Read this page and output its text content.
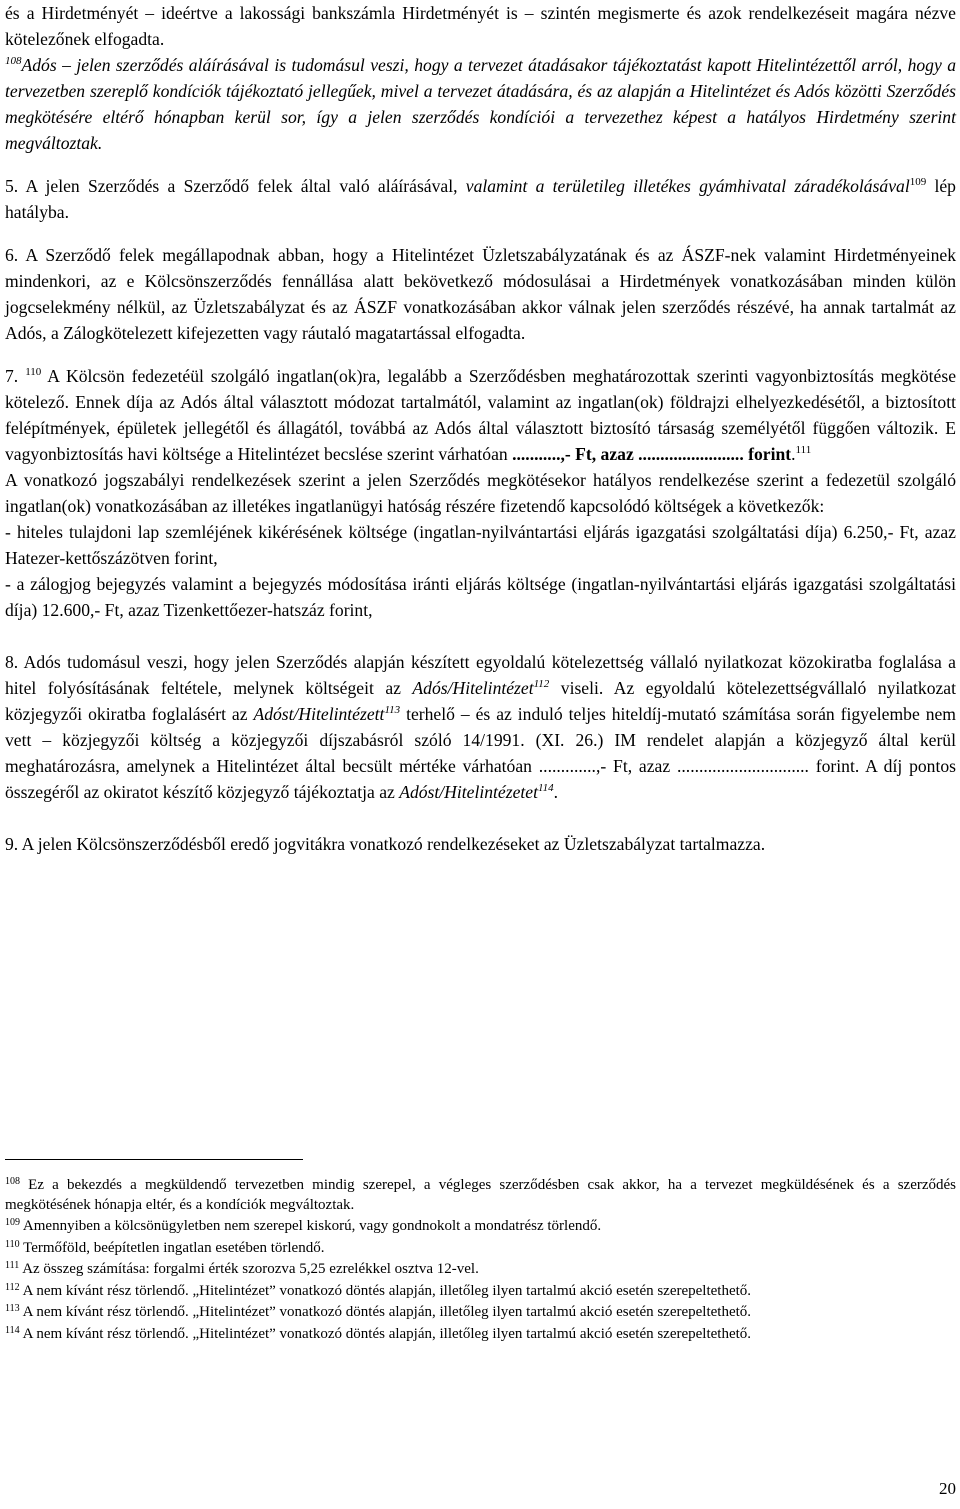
és a Hirdetményét – ideértve a lakossági bankszámla Hirdetményét is – szintén megismerte és azok rendelkezéseit magára nézve kötelezőnek elfogadta.

$^{108}$Adós – jelen szerződés aláírásával is tudomásul veszi, hogy a tervezet átadásakor tájékoztatást kapott Hitelintézettől arról, hogy a tervezetben szereplő kondíciók tájékoztató jellegűek, mivel a tervezet átadására, és az alapján a Hitelintézet és Adós közötti Szerződés megkötésére eltérő hónapban kerül sor, így a jelen szerződés kondíciói a tervezethez képest a hatályos Hirdetmény szerint megváltoztak.

5. A jelen Szerződés a Szerződő felek által való aláírásával, valamint a területileg illetékes gyámhivatal záradékolásával$^{109}$ lép hatályba.

6. A Szerződő felek megállapodnak abban, hogy a Hitelintézet Üzletszabályzatának és az ÁSZF-nek valamint Hirdetményeinek mindenkori, az e Kölcsönszerződés fennállása alatt bekövetkező módosulásai a Hirdetmények vonatkozásában minden külön jogcselekmény nélkül, az Üzletszabályzat és az ÁSZF vonatkozásában akkor válnak jelen szerződés részévé, ha annak tartalmát az Adós, a Zálogkötelezett kifejezetten vagy ráutaló magatartással elfogadta.

7. $^{110}$ A Kölcsön fedezetéül szolgáló ingatlan(ok)ra, legalább a Szerződésben meghatározottak szerinti vagyonbiztosítás megkötése kötelező. Ennek díja az Adós által választott módozat tartalmától, valamint az ingatlan(ok) földrajzi elhelyezkedésétől, a biztosított felépítmények, épületek jellegétől és állagától, továbbá az Adós által választott biztosító társaság személyétől függően változik. E vagyonbiztosítás havi költsége a Hitelintézet becslése szerint várhatóan ...........,- Ft, azaz ........................ forint.$^{111}$

A vonatkozó jogszabályi rendelkezések szerint a jelen Szerződés megkötésekor hatályos rendelkezése szerint a fedezetül szolgáló ingatlan(ok) vonatkozásában az illetékes ingatlanügyi hatóság részére fizetendő kapcsolódó költségek a következők:

- hiteles tulajdoni lap szemléjének kikérésének költsége (ingatlan-nyilvántartási eljárás igazgatási szolgáltatási díja) 6.250,- Ft, azaz Hatezer-kettőszázötven forint,

- a zálogjog bejegyzés valamint a bejegyzés módosítása iránti eljárás költsége (ingatlan-nyilvántartási eljárás igazgatási szolgáltatási díja) 12.600,- Ft, azaz Tizenkettőezer-hatszáz forint,

8. Adós tudomásul veszi, hogy jelen Szerződés alapján készített egyoldalú kötelezettség vállaló nyilatkozat közokiratba foglalása a hitel folyósításának feltétele, melynek költségeit az Adós/Hitelintézet$^{112}$ viseli. Az egyoldalú kötelezettségvállaló nyilatkozat közjegyzői okiratba foglalásért az Adóst/Hitelintézett$^{113}$ terhelő – és az induló teljes hiteldíj-mutató számítása során figyelembe nem vett – közjegyzői költség a közjegyzői díjszabásról szóló 14/1991. (XI. 26.) IM rendelet alapján a közjegyző által kerül meghatározásra, amelynek a Hitelintézet által becsült mértéke várhatóan .............,- Ft, azaz .............................. forint. A díj pontos összegéről az okiratot készítő közjegyző tájékoztatja az Adóst/Hitelintézetet$^{114}$.

9. A jelen Kölcsönszerződésből eredő jogvitákra vonatkozó rendelkezéseket az Üzletszabályzat tartalmazza.

$^{108}$ Ez a bekezdés a megküldendő tervezetben mindig szerepel, a végleges szerződésben csak akkor, ha a tervezet megküldésének és a szerződés megkötésének hónapja eltér, és a kondíciók megváltoztak.

$^{109}$ Amennyiben a kölcsönügyletben nem szerepel kiskorú, vagy gondnokolt a mondatrész törlendő.

$^{110}$ Termőföld, beépítetlen ingatlan esetében törlendő.

$^{111}$ Az összeg számítása: forgalmi érték szorozva 5,25 ezrelékkel osztva 12-vel.

$^{112}$ A nem kívánt rész törlendő. „Hitelintézet” vonatkozó döntés alapján, illetőleg ilyen tartalmú akció esetén szerepeltethető.

$^{113}$ A nem kívánt rész törlendő. „Hitelintézet” vonatkozó döntés alapján, illetőleg ilyen tartalmú akció esetén szerepeltethető.

$^{114}$ A nem kívánt rész törlendő. „Hitelintézet” vonatkozó döntés alapján, illetőleg ilyen tartalmú akció esetén szerepeltethető.

20
